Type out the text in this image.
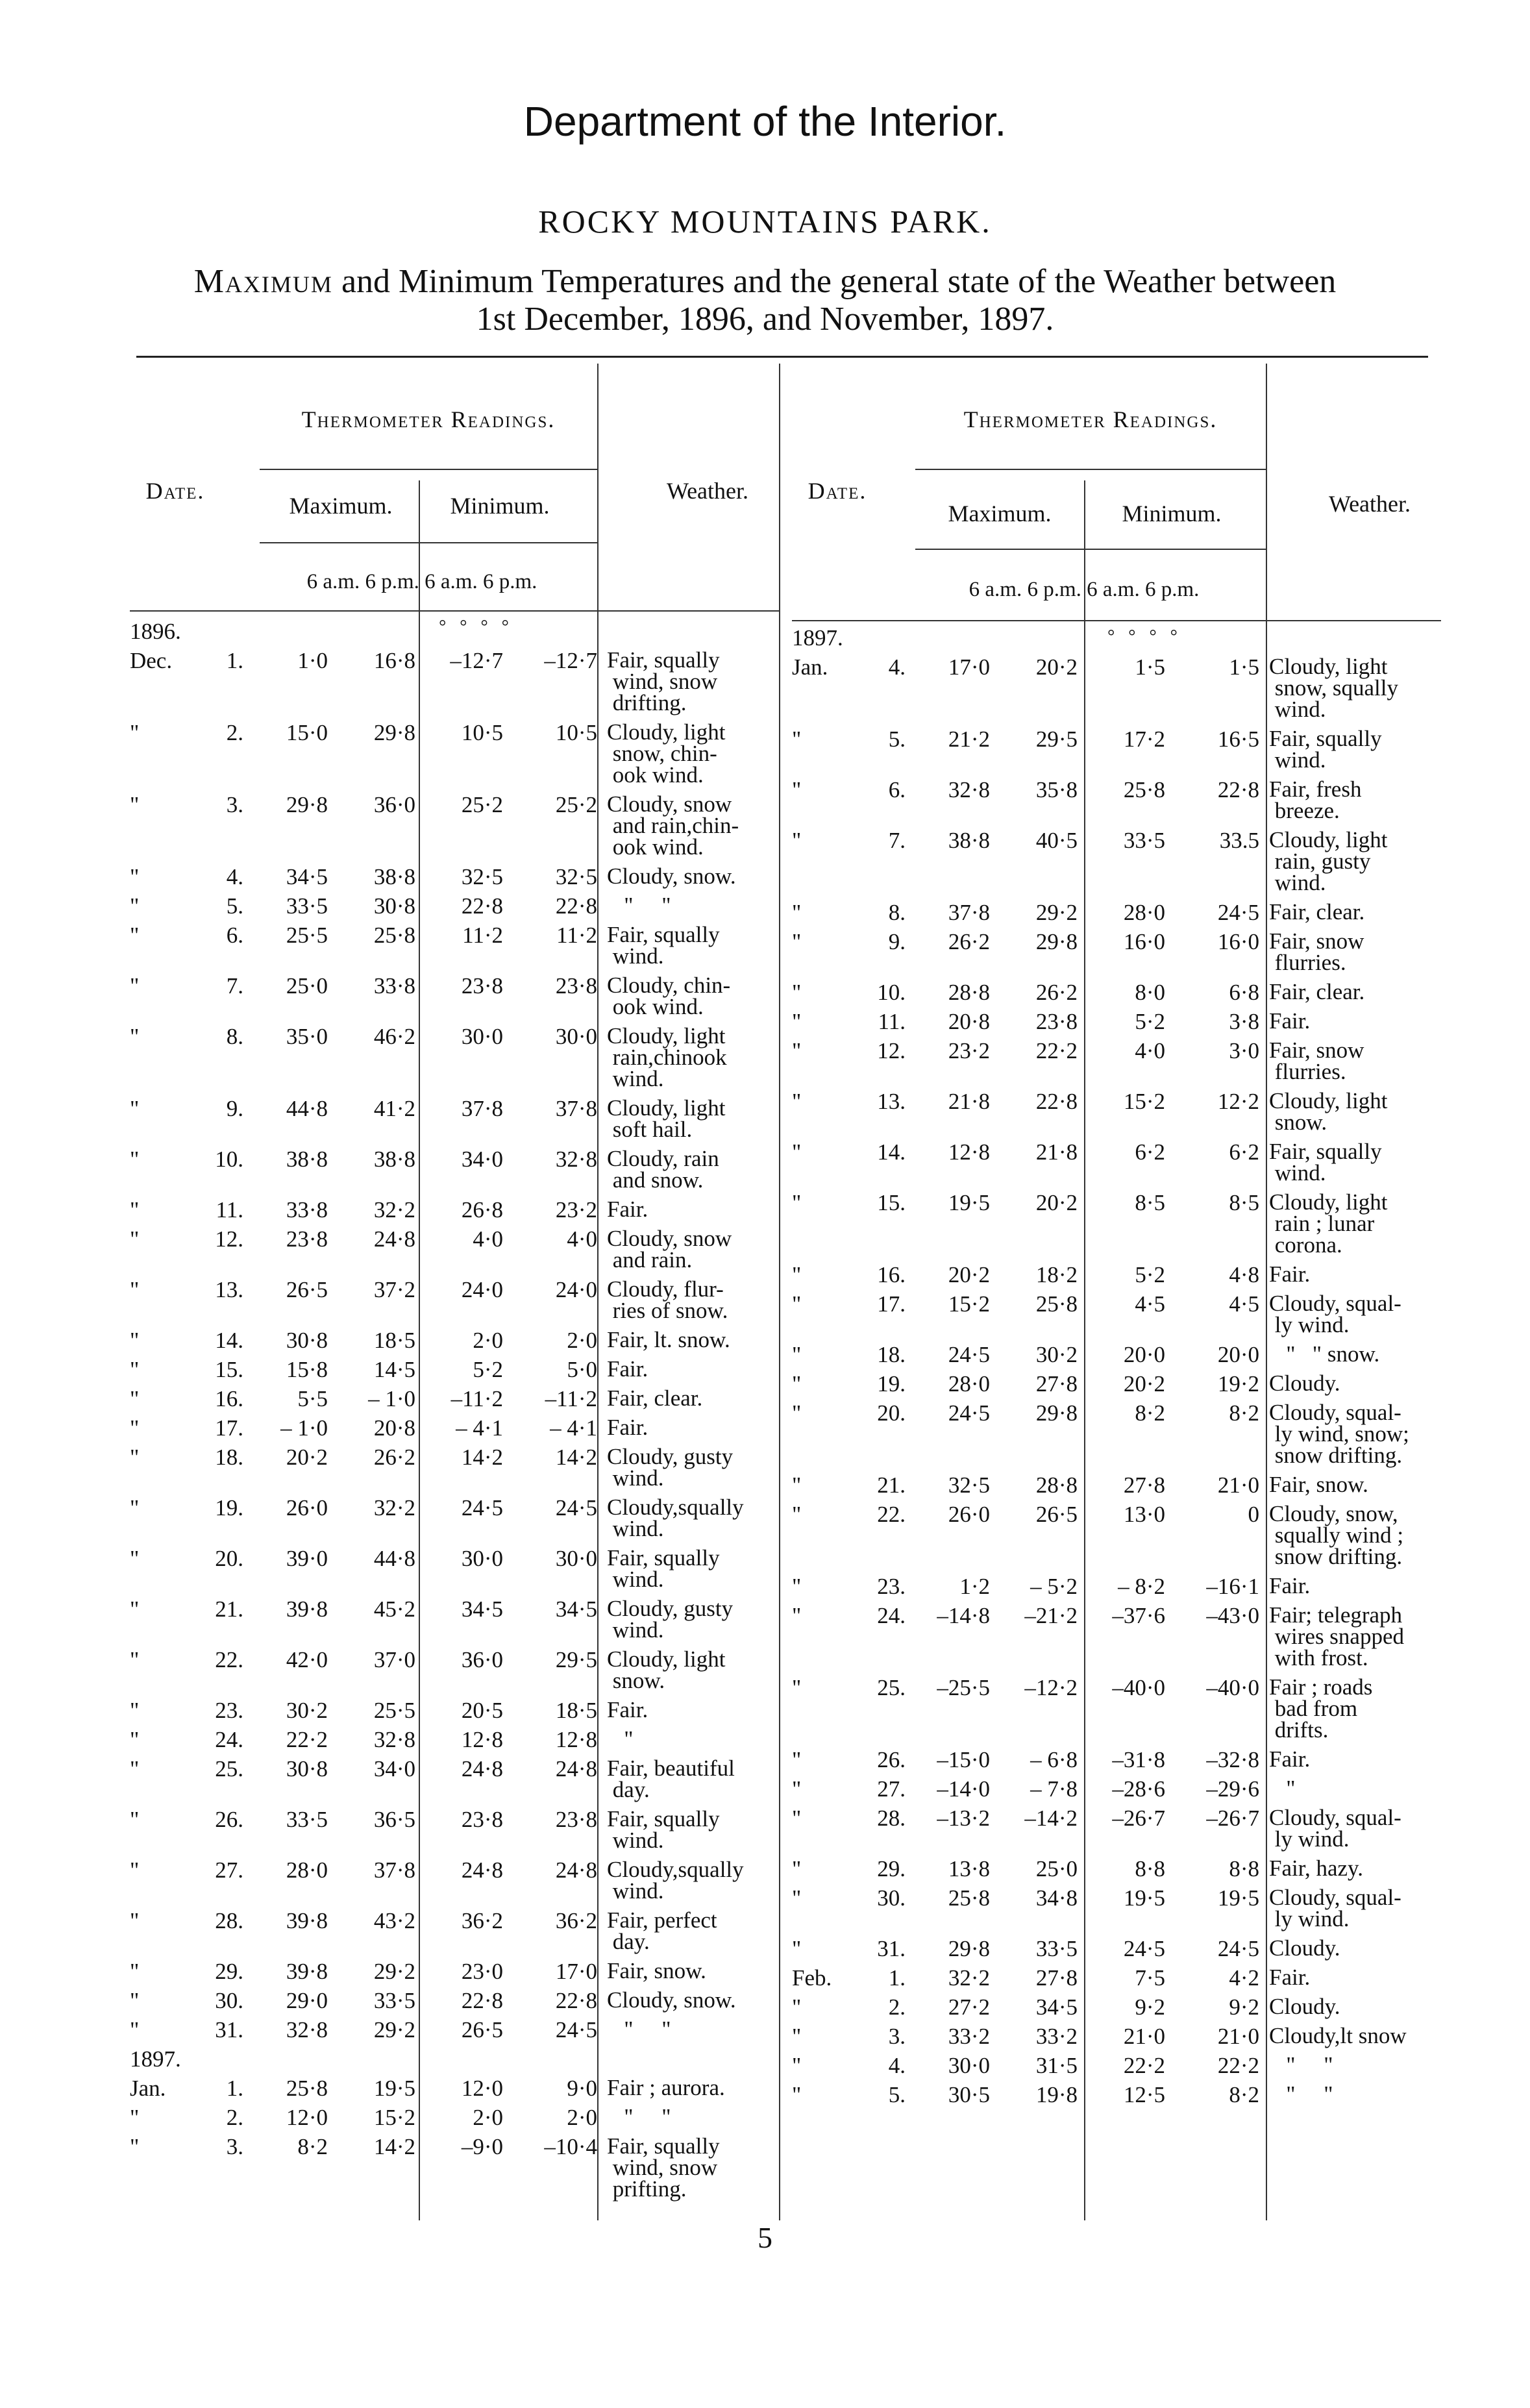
Department of the Interior.
ROCKY MOUNTAINS PARK.
Maximum and Minimum Temperatures and the general state of the Weather between
1st December, 1896, and November, 1897.
Date.
Thermometer Readings.
Maximum.	Minimum.
Weather.
6 a.m. 6 p.m. 6 a.m. 6 p.m.
°   °   °   °
1896.
Dec.	1.	1·0	16·8	–12·7	–12·7 Fair, squally
wind, snow
drifting.
"	2.	15·0	29·8	10·5	10·5 Cloudy, light
snow, chin-
ook wind.
"	3.	29·8	36·0	25·2	25·2 Cloudy, snow
and rain,chin-
ook wind.
"	4.	34·5	38·8	32·5	32·5 Cloudy, snow.
"	5.	33·5	30·8	22·8	22·8 "     "
"	6.	25·5	25·8	11·2	11·2 Fair, squally
wind.
"	7.	25·0	33·8	23·8	23·8 Cloudy, chin-
ook wind.
"	8.	35·0	46·2	30·0	30·0 Cloudy, light
rain,chinook
wind.
"	9.	44·8	41·2	37·8	37·8 Cloudy, light
soft hail.
"	10.	38·8	38·8	34·0	32·8 Cloudy, rain
and snow.
"	11.	33·8	32·2	26·8	23·2 Fair.
"	12.	23·8	24·8	4·0	4·0 Cloudy, snow
and rain.
"	13.	26·5	37·2	24·0	24·0 Cloudy, flur-
ries of snow.
"	14.	30·8	18·5	2·0	2·0 Fair, lt. snow.
"	15.	15·8	14·5	5·2	5·0 Fair.
"	16.	5·5	– 1·0	–11·2	–11·2 Fair, clear.
"	17.	– 1·0	20·8	– 4·1	– 4·1 Fair.
"	18.	20·2	26·2	14·2	14·2 Cloudy, gusty
wind.
"	19.	26·0	32·2	24·5	24·5 Cloudy,squally
wind.
"	20.	39·0	44·8	30·0	30·0 Fair, squally
wind.
"	21.	39·8	45·2	34·5	34·5 Cloudy, gusty
wind.
"	22.	42·0	37·0	36·0	29·5 Cloudy, light
snow.
"	23.	30·2	25·5	20·5	18·5 Fair.
"	24.	22·2	32·8	12·8	12·8 "
"	25.	30·8	34·0	24·8	24·8 Fair, beautiful
day.
"	26.	33·5	36·5	23·8	23·8 Fair, squally
wind.
"	27.	28·0	37·8	24·8	24·8 Cloudy,squally
wind.
"	28.	39·8	43·2	36·2	36·2 Fair, perfect
day.
"	29.	39·8	29·2	23·0	17·0 Fair, snow.
"	30.	29·0	33·5	22·8	22·8 Cloudy, snow.
"	31.	32·8	29·2	26·5	24·5 "     "
1897.
Jan.	1.	25·8	19·5	12·0	9·0 Fair ; aurora.
"	2.	12·0	15·2	2·0	2·0 "     "
"	3.	8·2	14·2	–9·0	–10·4 Fair, squally
wind, snow
prifting.
Date.
Thermometer Readings.
Maximum.	Minimum.	Weather.
6 a.m. 6 p.m. 6 a.m. 6 p.m.
°   °   °   °
1897.
Jan.	4.	17·0	20·2	1·5	1·5 Cloudy, light
snow, squally
wind.
"	5.	21·2	29·5	17·2	16·5 Fair, squally
wind.
"	6.	32·8	35·8	25·8	22·8 Fair, fresh
breeze.
"	7.	38·8	40·5	33·5	33.5 Cloudy, light
rain, gusty
wind.
"	8.	37·8	29·2	28·0	24·5 Fair, clear.
"	9.	26·2	29·8	16·0	16·0 Fair, snow
flurries.
"	10.	28·8	26·2	8·0	6·8 Fair, clear.
"	11.	20·8	23·8	5·2	3·8 Fair.
"	12.	23·2	22·2	4·0	3·0 Fair, snow
flurries.
"	13.	21·8	22·8	15·2	12·2 Cloudy, light
snow.
"	14.	12·8	21·8	6·2	6·2 Fair, squally
wind.
"	15.	19·5	20·2	8·5	8·5 Cloudy, light
rain ; lunar
corona.
"	16.	20·2	18·2	5·2	4·8 Fair.
"	17.	15·2	25·8	4·5	4·5 Cloudy, squal-
ly wind.
"	18.	24·5	30·2	20·0	20·0 "   " snow.
"	19.	28·0	27·8	20·2	19·2 Cloudy.
"	20.	24·5	29·8	8·2	8·2 Cloudy, squal-
ly wind, snow;
snow drifting.
"	21.	32·5	28·8	27·8	21·0 Fair, snow.
"	22.	26·0	26·5	13·0	0 Cloudy, snow,
squally wind ;
snow drifting.
"	23.	1·2	– 5·2	– 8·2	–16·1 Fair.
"	24.	–14·8	–21·2	–37·6	–43·0 Fair; telegraph
wires snapped
with frost.
"	25.	–25·5	–12·2	–40·0	–40·0 Fair ; roads
bad from
drifts.
"	26.	–15·0	– 6·8	–31·8	–32·8 Fair.
"	27.	–14·0	– 7·8	–28·6	–29·6 "
"	28.	–13·2	–14·2	–26·7	–26·7 Cloudy, squal-
ly wind.
"	29.	13·8	25·0	8·8	8·8 Fair, hazy.
"	30.	25·8	34·8	19·5	19·5 Cloudy, squal-
ly wind.
"	31.	29·8	33·5	24·5	24·5 Cloudy.
Feb.	1.	32·2	27·8	7·5	4·2 Fair.
"	2.	27·2	34·5	9·2	9·2 Cloudy.
"	3.	33·2	33·2	21·0	21·0 Cloudy,lt snow
"	4.	30·0	31·5	22·2	22·2 "     "
"	5.	30·5	19·8	12·5	8·2 "     "
5
